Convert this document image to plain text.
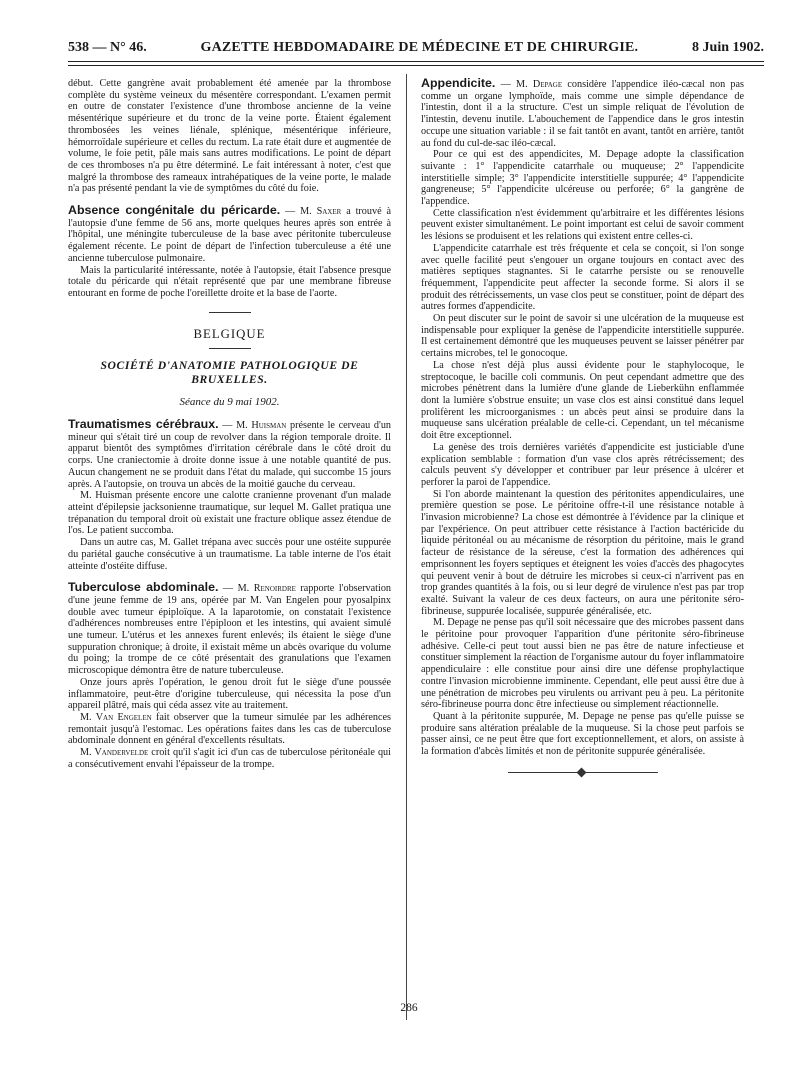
538 — N° 46.	GAZETTE HEBDOMADAIRE DE MÉDECINE ET DE CHIRURGIE.	8 Juin 1902.

début. Cette gangrène avait probablement été amenée par la thrombose complète du système veineux du mésentère correspondant. L'examen permit en outre de constater l'existence d'une thrombose ancienne de la veine mésentérique supérieure et du tronc de la veine porte. Étaient également thrombosées les veines liénale, splénique, mésentérique inférieure, hémorroïdale supérieure et celles du rectum. La rate était dure et augmentée de volume, le foie petit, pâle mais sans autres modifications. Le point de départ de ces thromboses n'a pu être déterminé. Le fait intéressant à noter, c'est que malgré la thrombose des rameaux intrahépatiques de la veine porte, le malade n'a pas présenté pendant la vie de symptômes du côté du foie.

Absence congénitale du péricarde. — M. Saxer a trouvé à l'autopsie d'une femme de 56 ans, morte quelques heures après son entrée à l'hôpital, une méningite tuberculeuse de la base avec péritonite tuberculeuse également récente. Le point de départ de l'infection tuberculeuse a été une ancienne tuberculose pulmonaire.

Mais la particularité intéressante, notée à l'autopsie, était l'absence presque totale du péricarde qui n'était représenté que par une membrane fibreuse entourant en forme de poche l'oreillette droite et la base de l'aorte.

BELGIQUE
SOCIÉTÉ D'ANATOMIE PATHOLOGIQUE DE BRUXELLES.
Séance du 9 mai 1902.

Traumatismes cérébraux. — M. Huisman présente le cerveau d'un mineur qui s'était tiré un coup de revolver dans la région temporale droite. Il apparut bientôt des symptômes d'irritation cérébrale dans le côté droit du corps. Une craniectomie à droite donne issue à une notable quantité de pus. Aucun changement ne se produit dans l'état du malade, qui succombe 15 jours après. A l'autopsie, on trouva un abcès de la moitié gauche du cerveau.

M. Huisman présente encore une calotte cranienne provenant d'un malade atteint d'épilepsie jacksonienne traumatique, sur lequel M. Gallet pratiqua une trépanation du temporal droit où existait une fracture oblique assez étendue de l'os. Le patient succomba.

Dans un autre cas, M. Gallet trépana avec succès pour une ostéite suppurée du pariétal gauche consécutive à un traumatisme. La table interne de l'os était atteinte d'ostéite diffuse.

Tuberculose abdominale. — M. Renoirdre rapporte l'observation d'une jeune femme de 19 ans, opérée par M. Van Engelen pour pyosalpinx double avec tumeur épiploïque. A la laparotomie, on constatait l'existence d'adhérences nombreuses entre l'épiploon et les intestins, qui avaient simulé une tumeur. L'utérus et les annexes furent enlevés; ils étaient le siège d'une suppuration chronique; à droite, il existait même un abcès ovarique du volume du poing; la trompe de ce côté présentait des granulations que l'examen microscopique démontra être de nature tuberculeuse.

Onze jours après l'opération, le genou droit fut le siège d'une poussée inflammatoire, peut-être d'origine tuberculeuse, qui nécessita la pose d'un appareil plâtré, mais qui céda assez vite au traitement.

M. Van Engelen fait observer que la tumeur simulée par les adhérences remontait jusqu'à l'estomac. Les opérations faites dans les cas de tuberculose abdominale donnent en général d'excellents résultats.

M. Vandervelde croit qu'il s'agit ici d'un cas de tuberculose péritonéale qui a consécutivement envahi l'épaisseur de la trompe.

Appendicite. — M. Depage considère l'appendice iléo-cæcal non pas comme un organe lymphoïde, mais comme une simple dépendance de l'intestin, dont il a la structure. C'est un simple reliquat de l'évolution de l'intestin, devenu inutile. L'abouchement de l'appendice dans le gros intestin occupe une situation variable : il se fait tantôt en avant, tantôt en arrière, tantôt au fond du cul-de-sac iléo-cæcal.

Pour ce qui est des appendicites, M. Depage adopte la classification suivante : 1° l'appendicite catarrhale ou muqueuse; 2° l'appendicite interstitielle simple; 3° l'appendicite interstitielle suppurée; 4° l'appendicite gangreneuse; 5° l'appendicite ulcéreuse ou perforée; 6° la gangrène de l'appendice.

Cette classification n'est évidemment qu'arbitraire et les différentes lésions peuvent exister simultanément. Le point important est celui de savoir comment les lésions se produisent et les relations qui existent entre celles-ci.

L'appendicite catarrhale est très fréquente et cela se conçoit, si l'on songe avec quelle facilité peut s'engouer un organe toujours en contact avec des matières septiques stagnantes. Si le catarrhe persiste ou se renouvelle fréquemment, l'appendicite peut affecter la seconde forme. Si alors il se produit des rétrécissements, un vase clos peut se constituer, point de départ des autres formes d'appendicite.

On peut discuter sur le point de savoir si une ulcération de la muqueuse est indispensable pour expliquer la genèse de l'appendicite interstitielle suppurée. Il est certainement démontré que les muqueuses peuvent se laisser pénétrer par certains microbes, tel le gonocoque.

La chose n'est déjà plus aussi évidente pour le staphylocoque, le streptocoque, le bacille coli communis. On peut cependant admettre que des microbes pénètrent dans la lumière d'une glande de Lieberkühn enflammée dont la lumière s'obstrue ensuite; un vase clos est ainsi constitué dans lequel prolifèrent les microorganismes : un abcès peut ainsi se produire dans la muqueuse sans ulcération préalable de celle-ci. Cependant, un tel mécanisme doit être exceptionnel.

La genèse des trois dernières variétés d'appendicite est justiciable d'une explication semblable : formation d'un vase clos après rétrécissement; des calculs peuvent s'y développer et contribuer par leur présence à ulcérer et perforer la paroi de l'appendice.

Si l'on aborde maintenant la question des péritonites appendiculaires, une première question se pose. Le péritoine offre-t-il une résistance notable à l'invasion microbienne? La chose est démontrée à l'évidence par la clinique et par l'expérience. On peut attribuer cette résistance à l'action bactéricide du liquide péritonéal ou au mécanisme de résorption du péritoine, mais le grand facteur de résistance de la séreuse, c'est la formation des adhérences qui emprisonnent les foyers septiques et éteignent les voies d'accès des phagocytes qui peuvent venir à bout de détruire les microbes si ceux-ci n'arrivent pas en trop grandes quantités à la fois, ou si leur degré de virulence n'est pas par trop exalté. Suivant la valeur de ces deux facteurs, on aura une péritonite séro-fibrineuse, suppurée localisée, suppurée généralisée, etc.

M. Depage ne pense pas qu'il soit nécessaire que des microbes passent dans le péritoine pour provoquer l'apparition d'une péritonite séro-fibrineuse adhésive. Celle-ci peut tout aussi bien ne pas être de nature infectieuse et constituer simplement la réaction de l'organisme autour du foyer inflammatoire appendiculaire : elle constitue pour ainsi dire une défense prophylactique contre l'invasion microbienne imminente. Cependant, elle peut aussi être due à une pénétration de microbes peu virulents ou arrivant peu à peu. La péritonite séro-fibrineuse pourra donc être infectieuse ou simplement réactionnelle.

Quant à la péritonite suppurée, M. Depage ne pense pas qu'elle puisse se produire sans altération préalable de la muqueuse. Si la chose peut parfois se passer ainsi, ce ne peut être que fort exceptionnellement, et alors, on assiste à la formation d'abcès limités et non de péritonite suppurée généralisée.

286
